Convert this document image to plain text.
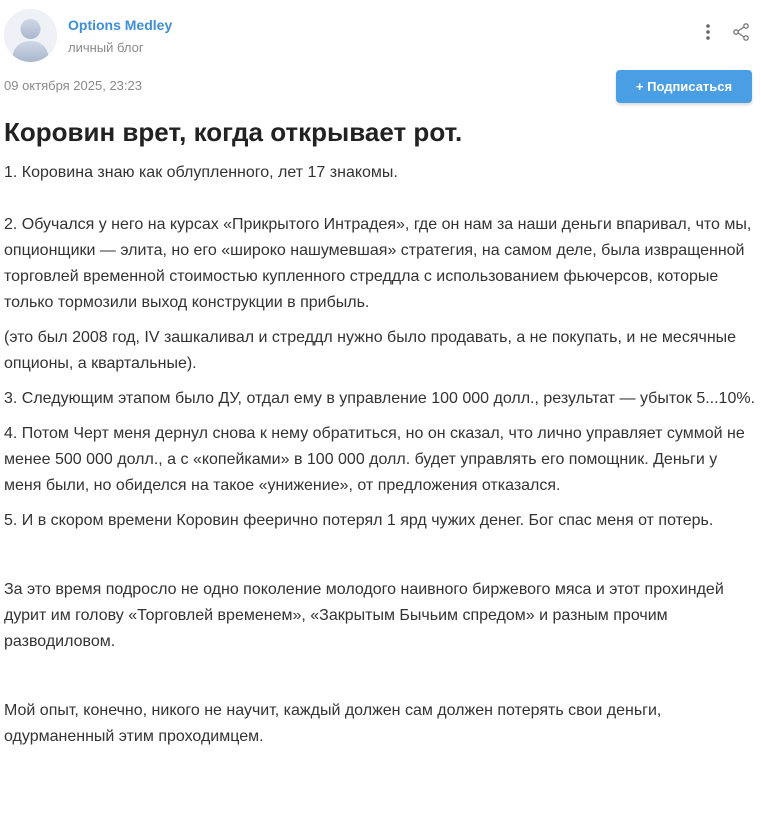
Options Medley
личный блог
09 октября 2025, 23:23	+ Подписаться
Коровин врет, когда открывает рот.

1. Коровина знаю как облупленного, лет 17 знакомы.

2. Обучался у него на курсах «Прикрытого Интрадея», где он нам за наши деньги впаривал, что мы, опционщики — элита, но его «широко нашумевшая» стратегия, на самом деле, была извращенной торговлей временной стоимостью купленного стреддла с использованием фьючерсов, которые только тормозили выход конструкции в прибыль.

(это был 2008 год, IV зашкаливал и стреддл нужно было продавать, а не покупать, и не месячные опционы, а квартальные).

3. Следующим этапом было ДУ, отдал ему в управление 100 000 долл., результат — убыток 5...10%.

4. Потом Черт меня дернул снова к нему обратиться, но он сказал, что лично управляет суммой не менее 500 000 долл., а с «копейками» в 100 000 долл. будет управлять его помощник. Деньги у меня были, но обиделся на такое «унижение», от предложения отказался.

5. И в скором времени Коровин феерично потерял 1 ярд чужих денег. Бог спас меня от потерь.

За это время подросло не одно поколение молодого наивного биржевого мяса и этот прохиндей дурит им голову «Торговлей временем», «Закрытым Бычьим спредом» и разным прочим разводиловом.

Мой опыт, конечно, никого не научит, каждый должен сам должен потерять свои деньги, одурманенный этим проходимцем.
